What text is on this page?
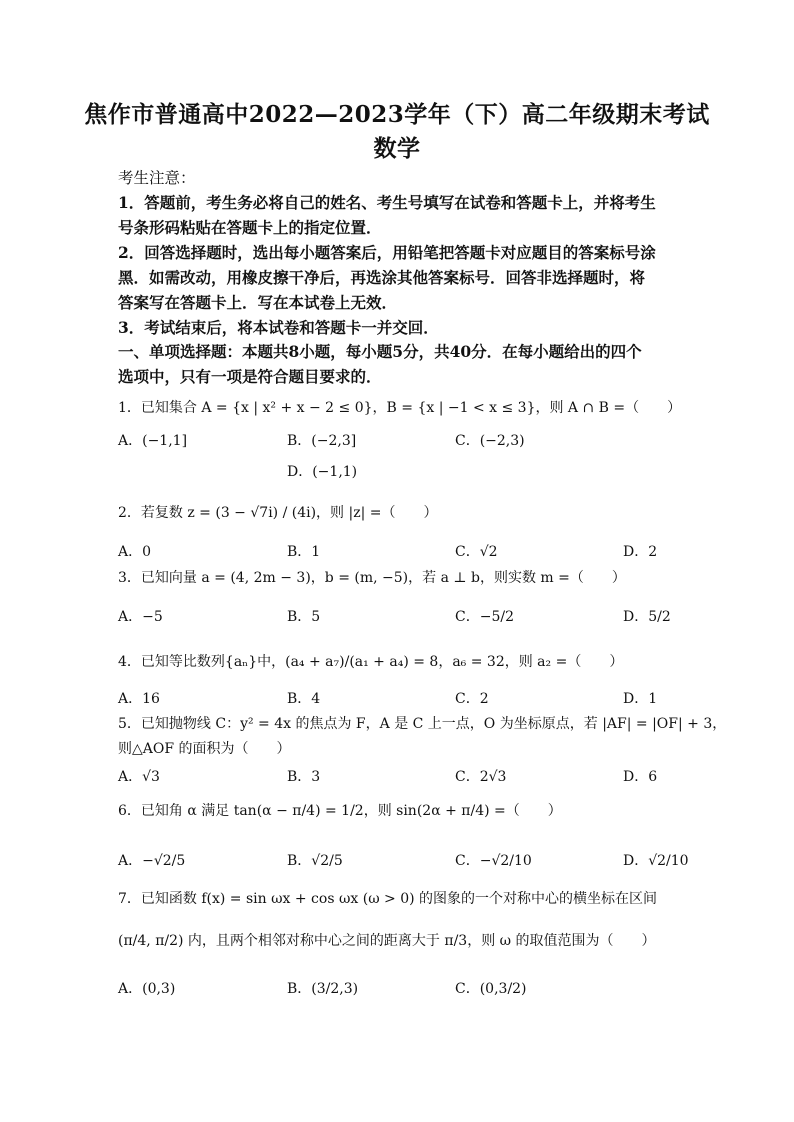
焦作市普通高中2022—2023学年（下）高二年级期末考试
数学
考生注意：
1．答题前，考生务必将自己的姓名、考生号填写在试卷和答题卡上，并将考生
号条形码粘贴在答题卡上的指定位置．
2．回答选择题时，选出每小题答案后，用铅笔把答题卡对应题目的答案标号涂
黑．如需改动，用橡皮擦干净后，再选涂其他答案标号．回答非选择题时，将
答案写在答题卡上．写在本试卷上无效．
3．考试结束后，将本试卷和答题卡一并交回．
一、单项选择题：本题共8小题，每小题5分，共40分．在每小题给出的四个
选项中，只有一项是符合题目要求的．
1．已知集合 A = {x | x² + x − 2 ≤ 0}，B = {x | −1 < x ≤ 3}，则 A ∩ B =（　　）
A．(−1,1]	B．(−2,3]	C．(−2,3)
D．(−1,1)
2．若复数 z = (3 − √7i) / (4i)，则 |z| =（　　）
A．0	B．1	C．√2	D．2
3．已知向量 a = (4, 2m − 3)，b = (m, −5)，若 a ⊥ b，则实数 m =（　　）
A．−5	B．5	C．−5/2	D．5/2
4．已知等比数列{aₙ}中，(a₄ + a₇)/(a₁ + a₄) = 8，a₆ = 32，则 a₂ =（　　）
A．16	B．4	C．2	D．1
5．已知抛物线 C：y² = 4x 的焦点为 F，A 是 C 上一点，O 为坐标原点，若 |AF| = |OF| + 3，
则△AOF 的面积为（　　）
A．√3	B．3	C．2√3	D．6
6．已知角 α 满足 tan(α − π/4) = 1/2，则 sin(2α + π/4) =（　　）
A．−√2/5	B．√2/5	C．−√2/10	D．√2/10
7．已知函数 f(x) = sin ωx + cos ωx (ω > 0) 的图象的一个对称中心的横坐标在区间
(π/4, π/2) 内，且两个相邻对称中心之间的距离大于 π/3，则 ω 的取值范围为（　　）
A．(0,3)	B．(3/2,3)	C．(0,3/2)
